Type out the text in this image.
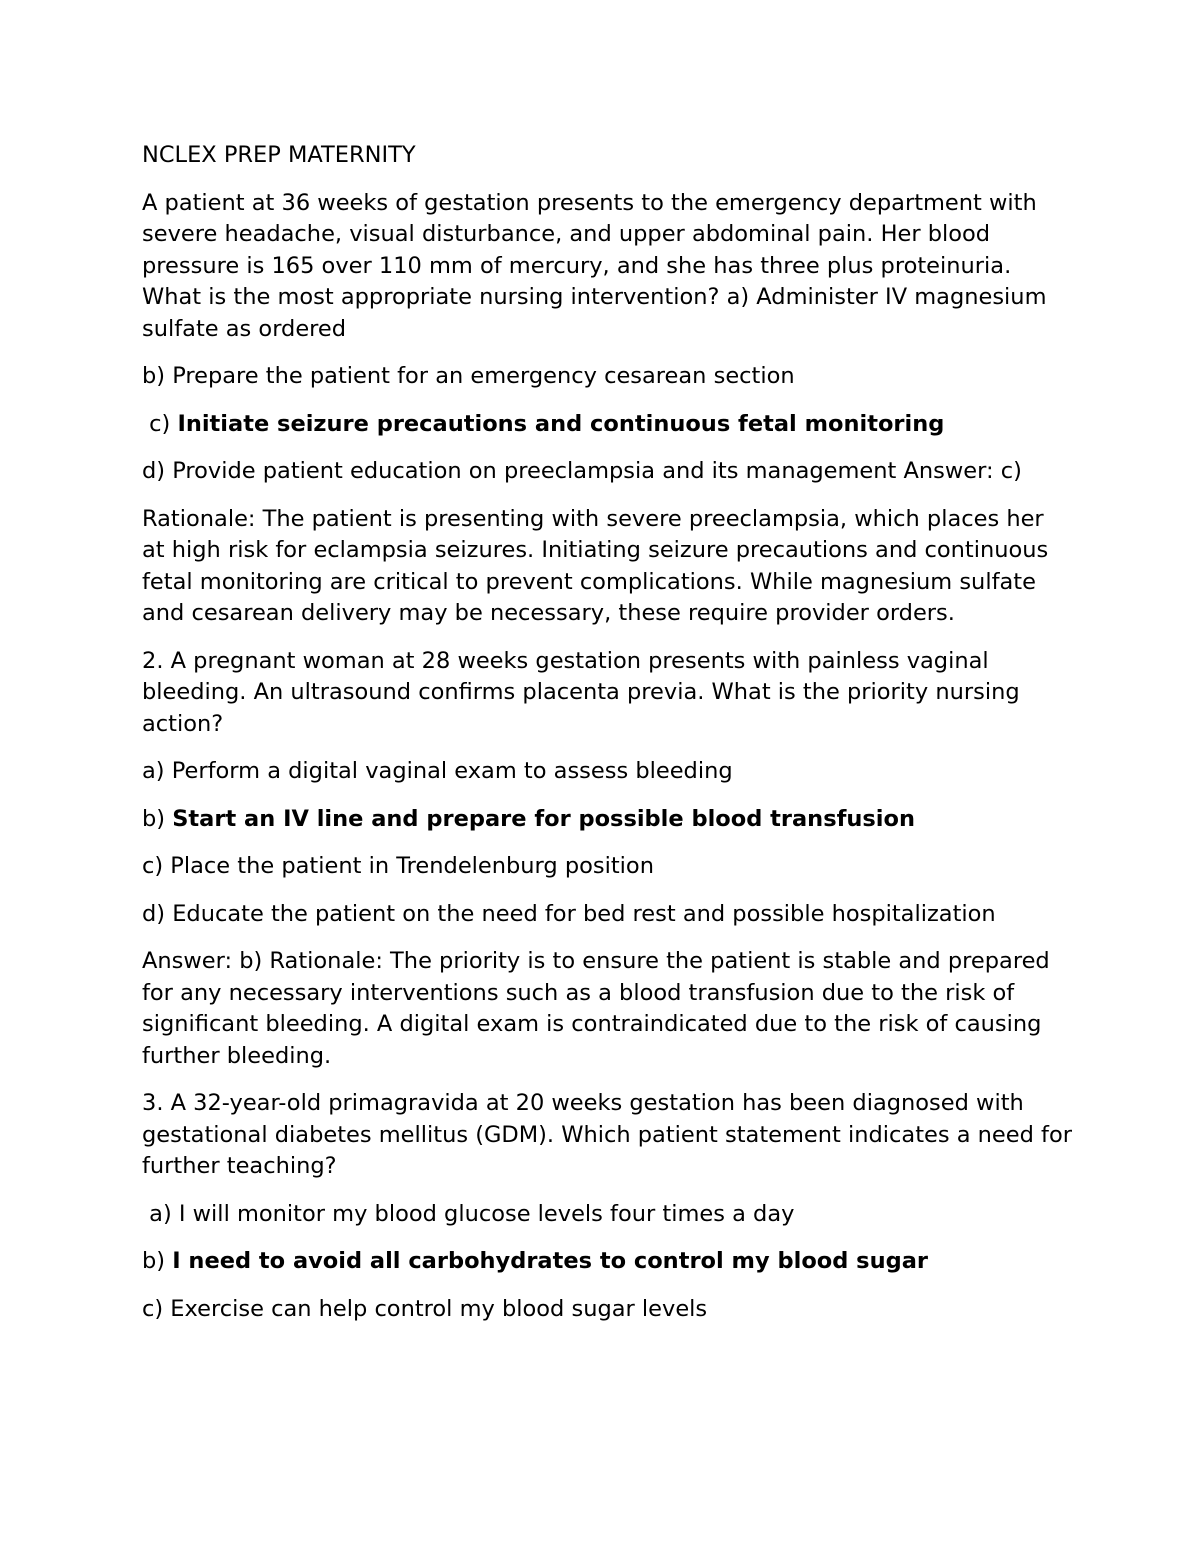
NCLEX PREP MATERNITY

A patient at 36 weeks of gestation presents to the emergency department with severe headache, visual disturbance, and upper abdominal pain. Her blood pressure is 165 over 110 mm of mercury, and she has three plus proteinuria. What is the most appropriate nursing intervention? a) Administer IV magnesium sulfate as ordered

b) Prepare the patient for an emergency cesarean section

c) Initiate seizure precautions and continuous fetal monitoring

d) Provide patient education on preeclampsia and its management Answer: c)

Rationale: The patient is presenting with severe preeclampsia, which places her at high risk for eclampsia seizures. Initiating seizure precautions and continuous fetal monitoring are critical to prevent complications. While magnesium sulfate and cesarean delivery may be necessary, these require provider orders.

2. A pregnant woman at 28 weeks gestation presents with painless vaginal bleeding. An ultrasound confirms placenta previa. What is the priority nursing action?

a) Perform a digital vaginal exam to assess bleeding

b) Start an IV line and prepare for possible blood transfusion

c) Place the patient in Trendelenburg position

d) Educate the patient on the need for bed rest and possible hospitalization

Answer: b) Rationale: The priority is to ensure the patient is stable and prepared for any necessary interventions such as a blood transfusion due to the risk of significant bleeding. A digital exam is contraindicated due to the risk of causing further bleeding.

3. A 32-year-old primagravida at 20 weeks gestation has been diagnosed with gestational diabetes mellitus (GDM). Which patient statement indicates a need for further teaching?

a) I will monitor my blood glucose levels four times a day

b) I need to avoid all carbohydrates to control my blood sugar

c) Exercise can help control my blood sugar levels
